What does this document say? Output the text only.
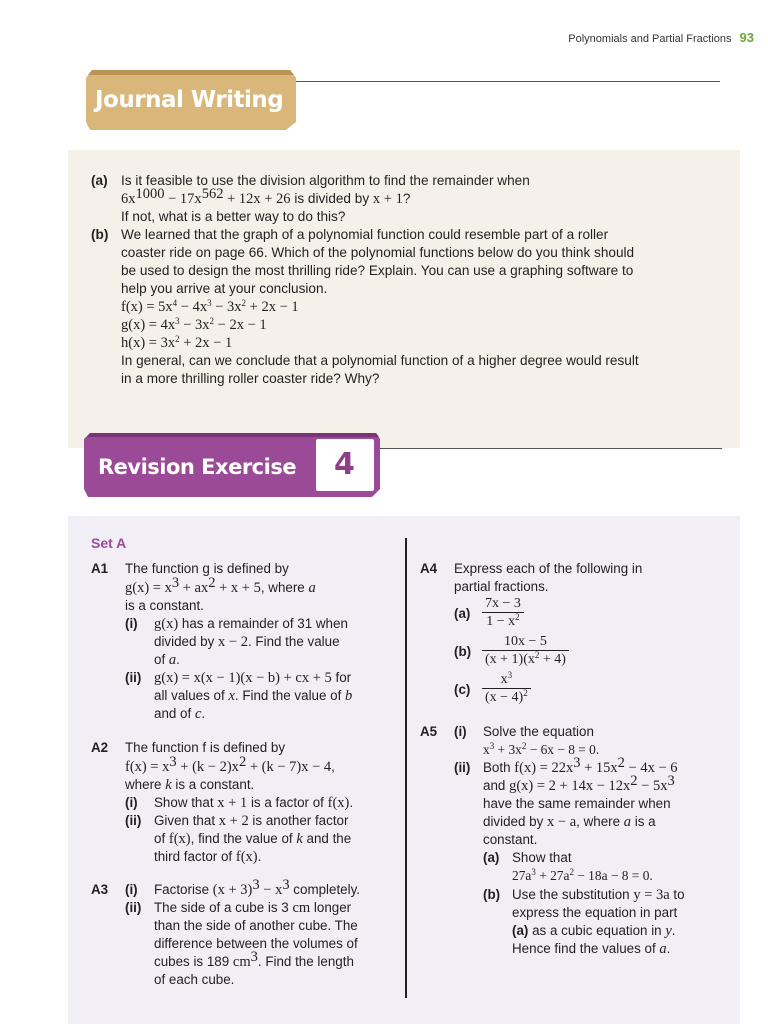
Polynomials and Partial Fractions 93
Journal Writing
(a) Is it feasible to use the division algorithm to find the remainder when
$6x^{1000} - 17x^{562} + 12x + 26$ is divided by x + 1?
If not, what is a better way to do this?
(b) We learned that the graph of a polynomial function could resemble part of a roller
coaster ride on page 66. Which of the polynomial functions below do you think should
be used to design the most thrilling ride? Explain. You can use a graphing software to
help you arrive at your conclusion.
$f(x) = 5x^4 - 4x^3 - 3x^2 + 2x - 1$
$g(x) = 4x^3 - 3x^2 - 2x - 1$
$h(x) = 3x^2 + 2x - 1$
In general, can we conclude that a polynomial function of a higher degree would result
in a more thrilling roller coaster ride? Why?
Revision Exercise 4
Set A
A1 The function g is defined by
$g(x) = x^3 + ax^2 + x + 5$, where a
is a constant.
(i) g(x) has a remainder of 31 when
divided by x − 2. Find the value
of a.
(ii) g(x) = x(x − 1)(x − b) + cx + 5 for
all values of x. Find the value of b
and of c.
A2 The function f is defined by
$f(x) = x^3 + (k - 2)x^2 + (k - 7)x - 4$,
where k is a constant.
(i) Show that x + 1 is a factor of f(x).
(ii) Given that x + 2 is another factor
of f(x), find the value of k and the
third factor of f(x).
A3 (i) Factorise $(x + 3)^3 - x^3$ completely.
(ii) The side of a cube is 3 cm longer
than the side of another cube. The
difference between the volumes of
cubes is 189 $cm^3$. Find the length
of each cube.
A4 Express each of the following in
partial fractions.
$(a) \frac{7x - 3}{1 - x^2}$
$(b) \frac{10x - 5}{(x + 1)(x^2 + 4)}$
$(c) \frac{x^3}{(x - 4)^2}$
A5 (i) Solve the equation
$x^3 + 3x^2 - 6x - 8 = 0$.
(ii) Both $f(x) = 22x^3 + 15x^2 - 4x - 6$
and $g(x) = 2 + 14x - 12x^2 - 5x^3$
have the same remainder when
divided by x − a, where a is a
constant.
(a) Show that
$27a^3 + 27a^2 - 18a - 8 = 0$.
(b) Use the substitution y = 3a to
express the equation in part
(a) as a cubic equation in y.
Hence find the values of a.
